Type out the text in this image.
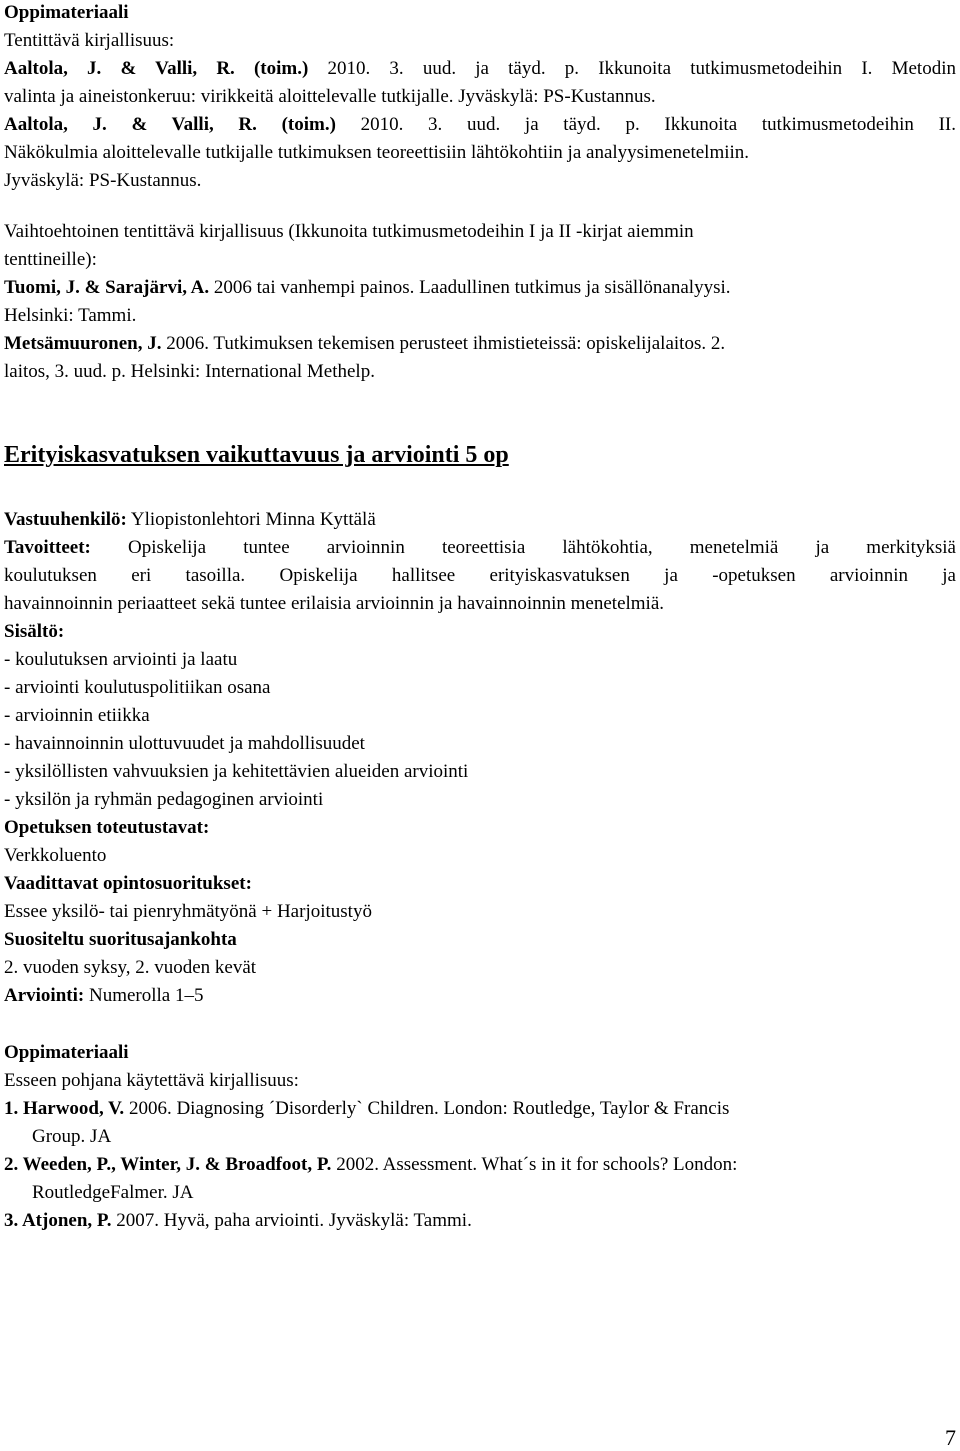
Oppimateriaali

Tentittävä kirjallisuus:

Aaltola, J. & Valli, R. (toim.) 2010. 3. uud. ja täyd. p. Ikkunoita tutkimusmetodeihin I. Metodin

valinta ja aineistonkeruu: virikkeitä aloittelevalle tutkijalle. Jyväskylä: PS-Kustannus.

Aaltola, J. & Valli, R. (toim.) 2010. 3. uud. ja täyd. p. Ikkunoita tutkimusmetodeihin II.

Näkökulmia aloittelevalle tutkijalle tutkimuksen teoreettisiin lähtökohtiin ja analyysimenetelmiin.

Jyväskylä: PS-Kustannus.

Vaihtoehtoinen tentittävä kirjallisuus (Ikkunoita tutkimusmetodeihin I ja II -kirjat aiemmin

tenttineille):

Tuomi, J. & Sarajärvi, A. 2006 tai vanhempi painos. Laadullinen tutkimus ja sisällönanalyysi.

Helsinki: Tammi.

Metsämuuronen, J. 2006. Tutkimuksen tekemisen perusteet ihmistieteissä: opiskelijalaitos. 2.

laitos, 3. uud. p. Helsinki: International Methelp.

Erityiskasvatuksen vaikuttavuus ja arviointi 5 op

Vastuuhenkilö: Yliopistonlehtori Minna Kyttälä

Tavoitteet: Opiskelija tuntee arvioinnin teoreettisia lähtökohtia, menetelmiä ja merkityksiä

koulutuksen eri tasoilla. Opiskelija hallitsee erityiskasvatuksen ja -opetuksen arvioinnin ja

havainnoinnin periaatteet sekä tuntee erilaisia arvioinnin ja havainnoinnin menetelmiä.

Sisältö:

- koulutuksen arviointi ja laatu

- arviointi koulutuspolitiikan osana

- arvioinnin etiikka

- havainnoinnin ulottuvuudet ja mahdollisuudet

- yksilöllisten vahvuuksien ja kehitettävien alueiden arviointi

- yksilön ja ryhmän pedagoginen arviointi

Opetuksen toteutustavat:

Verkkoluento

Vaadittavat opintosuoritukset:

Essee yksilö- tai pienryhmätyönä + Harjoitustyö

Suositeltu suoritusajankohta

2. vuoden syksy, 2. vuoden kevät

Arviointi: Numerolla 1–5

Oppimateriaali

Esseen pohjana käytettävä kirjallisuus:

1. Harwood, V. 2006. Diagnosing ´Disorderly` Children. London: Routledge, Taylor & Francis

Group. JA

2. Weeden, P., Winter, J. & Broadfoot, P. 2002. Assessment. What´s in it for schools? London:

RoutledgeFalmer. JA

3. Atjonen, P. 2007. Hyvä, paha arviointi. Jyväskylä: Tammi.

7
